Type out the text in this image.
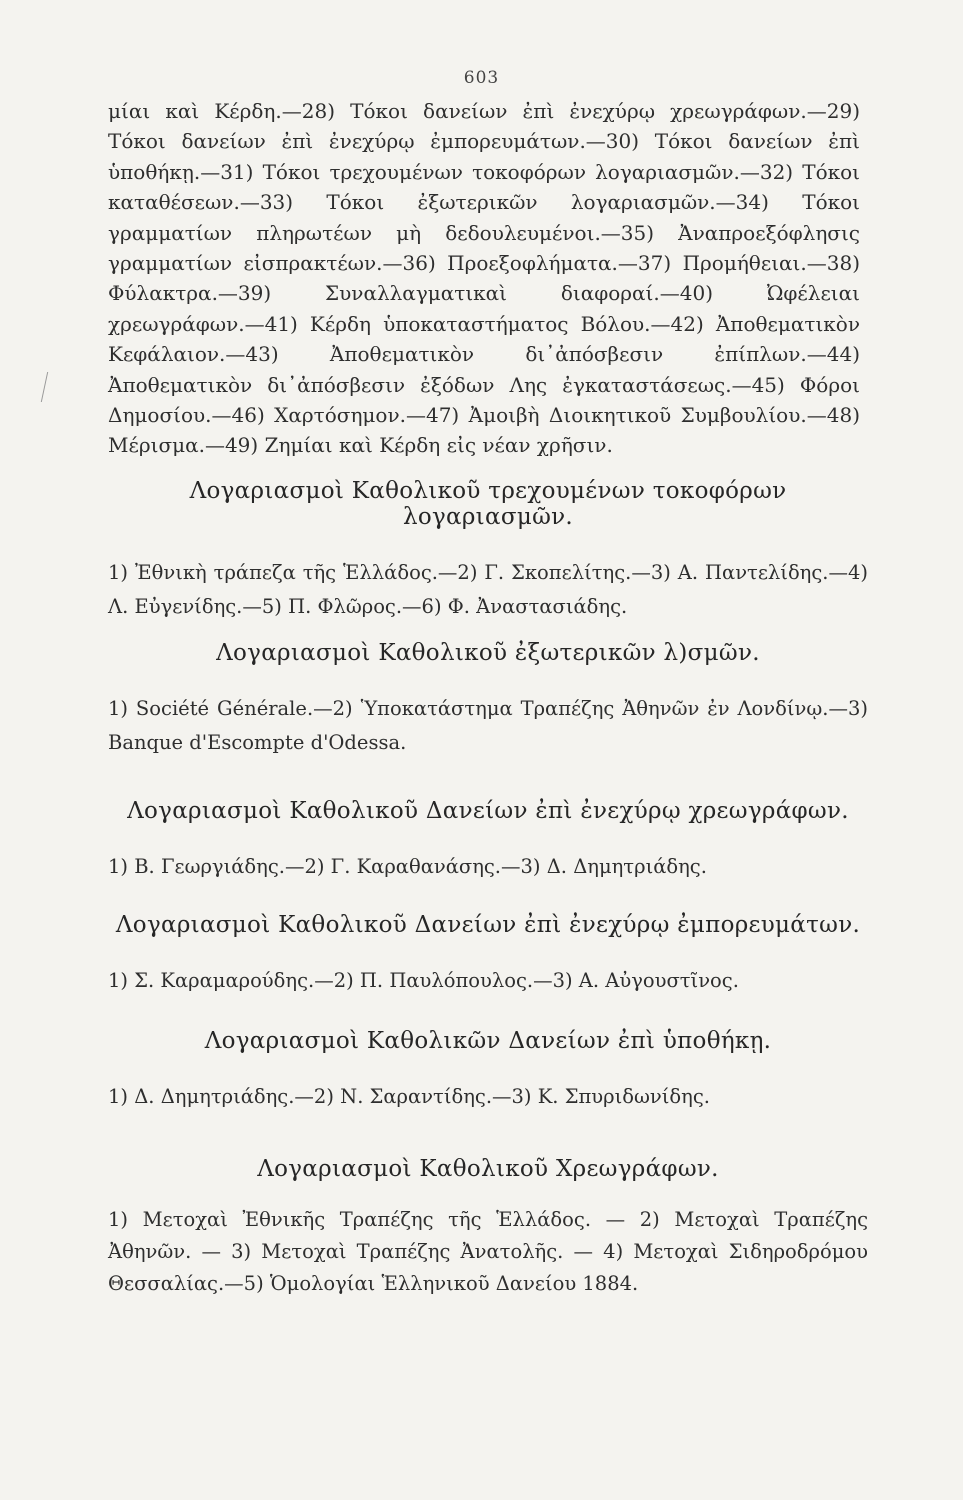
603
μίαι καὶ Κέρδη.—28) Τόκοι δανείων ἐπὶ ἐνεχύρῳ χρεωγράφων.—29) Τόκοι δανείων ἐπὶ ἐνεχύρῳ ἐμπορευμάτων.—30) Τόκοι δανείων ἐπὶ ὑποθήκῃ.—31) Τόκοι τρεχουμένων τοκοφόρων λογαριασμῶν.—32) Τόκοι καταθέσεων.—33) Τόκοι ἐξωτερικῶν λογαριασμῶν.—34) Τόκοι γραμματίων πληρωτέων μὴ δεδουλευμένοι.—35) Ἀναπροεξόφλησις γραμματίων εἰσπρακτέων.—36) Προεξοφλήματα.—37) Προμήθειαι.—38) Φύλακτρα.—39) Συναλλαγματικαὶ διαφοραί.—40) Ὠφέλειαι χρεωγράφων.—41) Κέρδη ὑποκαταστήματος Βόλου.—42) Ἀποθεματικὸν Κεφάλαιον.—43) Ἀποθεματικὸν δι᾽ἀπόσβεσιν ἐπίπλων.—44) Ἀποθεματικὸν δι᾽ἀπόσβεσιν ἐξόδων Λης ἐγκαταστάσεως.—45) Φόροι Δημοσίου.—46) Χαρτόσημον.—47) Ἀμοιβὴ Διοικητικοῦ Συμβουλίου.—48) Μέρισμα.—49) Ζημίαι καὶ Κέρδη εἰς νέαν χρῆσιν.
Λογαριασμοὶ Καθολικοῦ τρεχουμένων τοκοφόρων λογαριασμῶν.

1) Ἐθνικὴ τράπεζα τῆς Ἑλλάδος.—2) Γ. Σκοπελίτης.—3) Α. Παντελίδης.—4) Λ. Εὐγενίδης.—5) Π. Φλῶρος.—6) Φ. Ἀναστασιάδης.

Λογαριασμοὶ Καθολικοῦ ἐξωτερικῶν λ)σμῶν.

1) Société Générale.—2) Ὑποκατάστημα Τραπέζης Ἀθηνῶν ἐν Λονδίνῳ.—3) Banque d'Escompte d'Odessa.

Λογαριασμοὶ Καθολικοῦ Δανείων ἐπὶ ἐνεχύρῳ χρεωγράφων.

1) Β. Γεωργιάδης.—2) Γ. Καραθανάσης.—3) Δ. Δημητριάδης.

Λογαριασμοὶ Καθολικοῦ Δανείων ἐπὶ ἐνεχύρῳ ἐμπορευμάτων.

1) Σ. Καραμαρούδης.—2) Π. Παυλόπουλος.—3) Α. Αὐγουστῖνος.

Λογαριασμοὶ Καθολικῶν Δανείων ἐπὶ ὑποθήκῃ.

1) Δ. Δημητριάδης.—2) Ν. Σαραντίδης.—3) Κ. Σπυριδωνίδης.

Λογαριασμοὶ Καθολικοῦ Χρεωγράφων.

1) Μετοχαὶ Ἐθνικῆς Τραπέζης τῆς Ἑλλάδος. — 2) Μετοχαὶ Τραπέζης Ἀθηνῶν. — 3) Μετοχαὶ Τραπέζης Ἀνατολῆς. — 4) Μετοχαὶ Σιδηροδρόμου Θεσσαλίας.—5) Ὁμολογίαι Ἑλληνικοῦ Δανείου 1884.
